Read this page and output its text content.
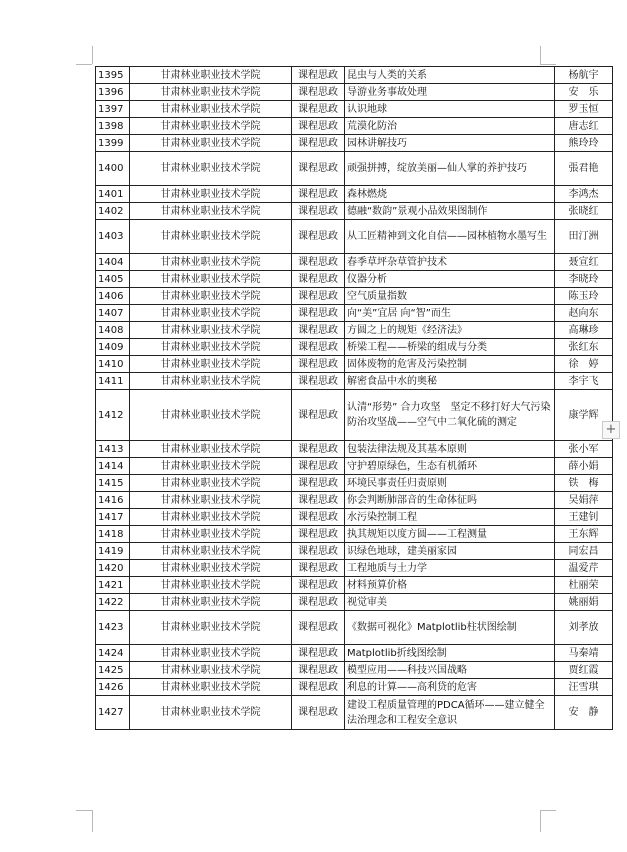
1395	甘肃林业职业技术学院	课程思政	昆虫与人类的关系	杨航宇
1396	甘肃林业职业技术学院	课程思政	导游业务事故处理	安　乐
1397	甘肃林业职业技术学院	课程思政	认识地球	罗玉恒
1398	甘肃林业职业技术学院	课程思政	荒漠化防治	唐志红
1399	甘肃林业职业技术学院	课程思政	园林讲解技巧	熊玲玲
1400	甘肃林业职业技术学院	课程思政	顽强拼搏，绽放美丽—仙人掌的养护技巧	張君艳
1401	甘肃林业职业技术学院	课程思政	森林燃烧	李鸿杰
1402	甘肃林业职业技术学院	课程思政	德融“数韵”景观小品效果图制作	张晓红
1403	甘肃林业职业技术学院	课程思政	从工匠精神到文化自信——园林植物水墨写生	田汀洲
1404	甘肃林业职业技术学院	课程思政	春季草坪杂草管护技术	聂宣红
1405	甘肃林业职业技术学院	课程思政	仪器分析	李晓玲
1406	甘肃林业职业技术学院	课程思政	空气质量指数	陈玉玲
1407	甘肃林业职业技术学院	课程思政	向“美”宜居 向“智”而生	赵向东
1408	甘肃林业职业技术学院	课程思政	方圆之上的规矩《经济法》	高琳珍
1409	甘肃林业职业技术学院	课程思政	桥梁工程——桥梁的组成与分类	张红东
1410	甘肃林业职业技术学院	课程思政	固体废物的危害及污染控制	徐　婷
1411	甘肃林业职业技术学院	课程思政	解密食品中水的奥秘	李宇飞
1412	甘肃林业职业技术学院	课程思政	认清“形势” 合力攻坚　坚定不移打好大气污染防治攻坚战——空气中二氧化硫的测定	康学辉
1413	甘肃林业职业技术学院	课程思政	包装法律法规及其基本原则	张小军
1414	甘肃林业职业技术学院	课程思政	守护碧原绿色，生态有机循环	薛小娟
1415	甘肃林业职业技术学院	课程思政	环境民事责任归责原则	铁　梅
1416	甘肃林业职业技术学院	课程思政	你会判断肺部音的生命体征吗	吴娟萍
1417	甘肃林业职业技术学院	课程思政	水污染控制工程	王建钊
1418	甘肃林业职业技术学院	课程思政	执其规矩以度方圆——工程测量	王东辉
1419	甘肃林业职业技术学院	课程思政	识绿色地球，建美丽家园	同宏昌
1420	甘肃林业职业技术学院	课程思政	工程地质与土力学	温爱芹
1421	甘肃林业职业技术学院	课程思政	材料预算价格	杜丽荣
1422	甘肃林业职业技术学院	课程思政	视觉审美	姚丽娟
1423	甘肃林业职业技术学院	课程思政	《数据可视化》Matplotlib柱状图绘制	刘孝放
1424	甘肃林业职业技术学院	课程思政	Matplotlib折线图绘制	马秦靖
1425	甘肃林业职业技术学院	课程思政	模型应用——科技兴国战略	贾红霞
1426	甘肃林业职业技术学院	课程思政	利息的计算——高利贷的危害	汪雪琪
1427	甘肃林业职业技术学院	课程思政	建设工程质量管理的PDCA循环——建立健全法治理念和工程安全意识	安　静
+
